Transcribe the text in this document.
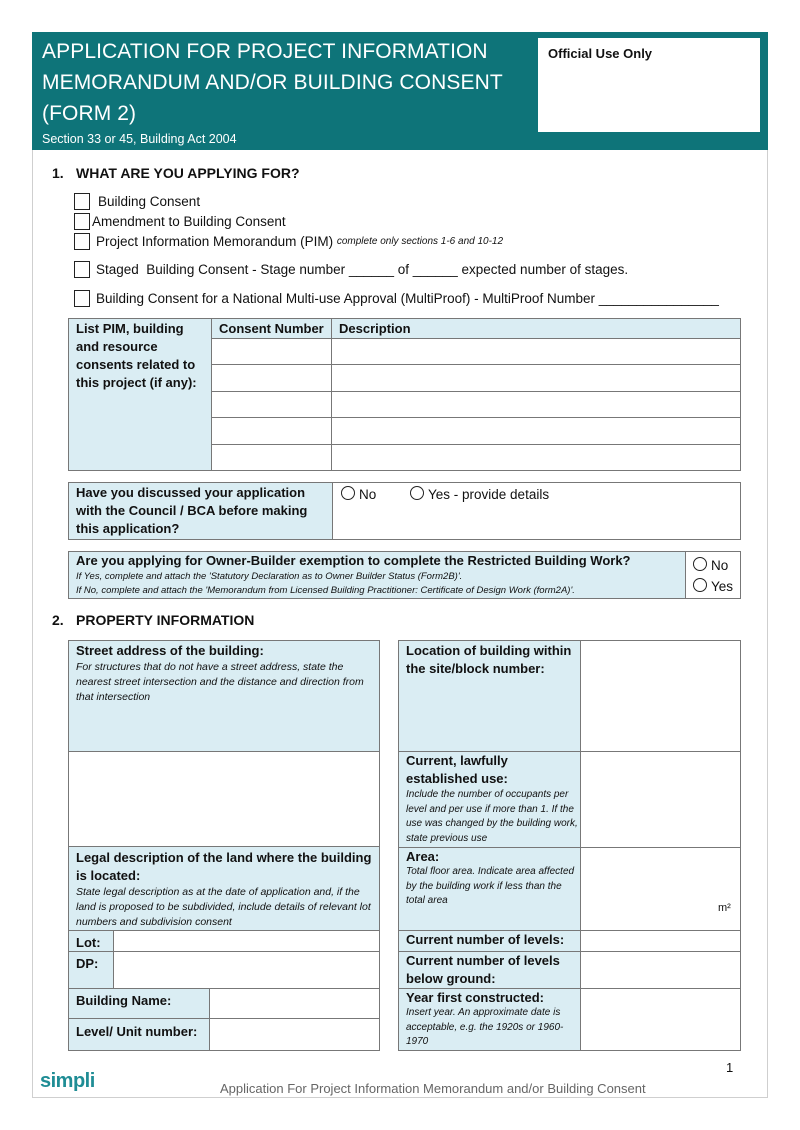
APPLICATION FOR PROJECT INFORMATION
MEMORANDUM AND/OR BUILDING CONSENT
(FORM 2)
Section 33 or 45, Building Act 2004
Official Use Only
1. WHAT ARE YOU APPLYING FOR?
Building Consent
Amendment to Building Consent
Project Information Memorandum (PIM)
complete only sections 1-6 and 10-12
Staged  Building Consent - Stage number ______ of ______ expected number of stages.
Building Consent for a National Multi-use Approval (MultiProof) - MultiProof Number ________________
List PIM, building and resource consents related to this project (if any):
Consent Number Description
Have you discussed your application with the Council / BCA before making this application?
No	Yes - provide details
Are you applying for Owner-Builder exemption to complete the Restricted Building Work?
If Yes, complete and attach the 'Statutory Declaration as to Owner Builder Status (Form2B)'.
If No, complete and attach the 'Memorandum from Licensed Building Practitioner: Certificate of Design Work (form2A)'.
No
Yes
2. PROPERTY INFORMATION
Street address of the building:
For structures that do not have a street address, state the nearest street intersection and the distance and direction from that intersection
Legal description of the land where the building is located:
State legal description as at the date of application and, if the land is proposed to be subdivided, include details of relevant lot numbers and subdivision consent
Lot:
DP:
Building Name:
Level/ Unit number:
Location of building within the site/block number:
Current, lawfully established use:
Include the number of occupants per level and per use if more than 1. If the use was changed by the building work, state previous use
Area:
Total floor area. Indicate area affected by the building work if less than the total area
m²
Current number of levels:
Current number of levels below ground:
Year first constructed:
Insert year. An approximate date is acceptable, e.g. the 1920s or 1960-1970
1
simpli	Application For Project Information Memorandum and/or Building Consent
